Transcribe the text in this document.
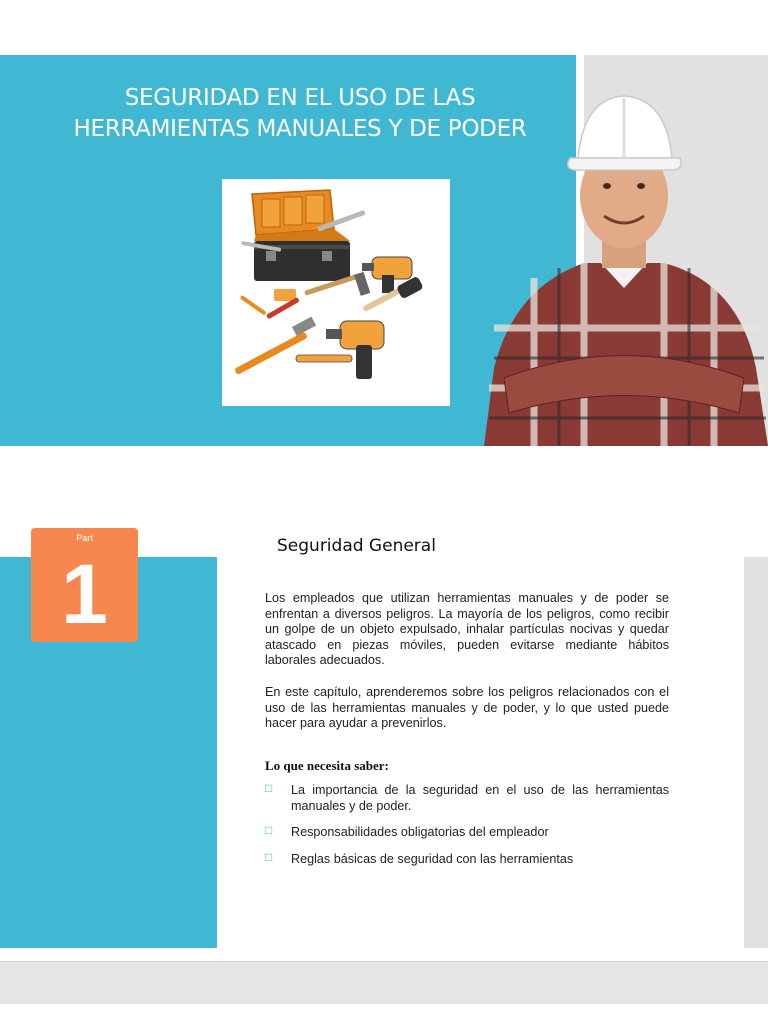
SEGURIDAD EN EL USO DE LAS
HERRAMIENTAS MANUALES Y DE PODER
Part
1
Seguridad General

Los empleados que utilizan herramientas manuales y de poder se enfrentan a diversos peligros. La mayoría de los peligros, como recibir un golpe de un objeto expulsado, inhalar partículas nocivas y quedar atascado en piezas móviles, pueden evitarse mediante hábitos laborales adecuados.

En este capítulo, aprenderemos sobre los peligros relacionados con el uso de las herramientas manuales y de poder, y lo que usted puede hacer para ayudar a prevenirlos.

Lo que necesita saber:

□ La importancia de la seguridad en el uso de las herramientas manuales y de poder.
□ Responsabilidades obligatorias del empleador
□ Reglas básicas de seguridad con las herramientas
